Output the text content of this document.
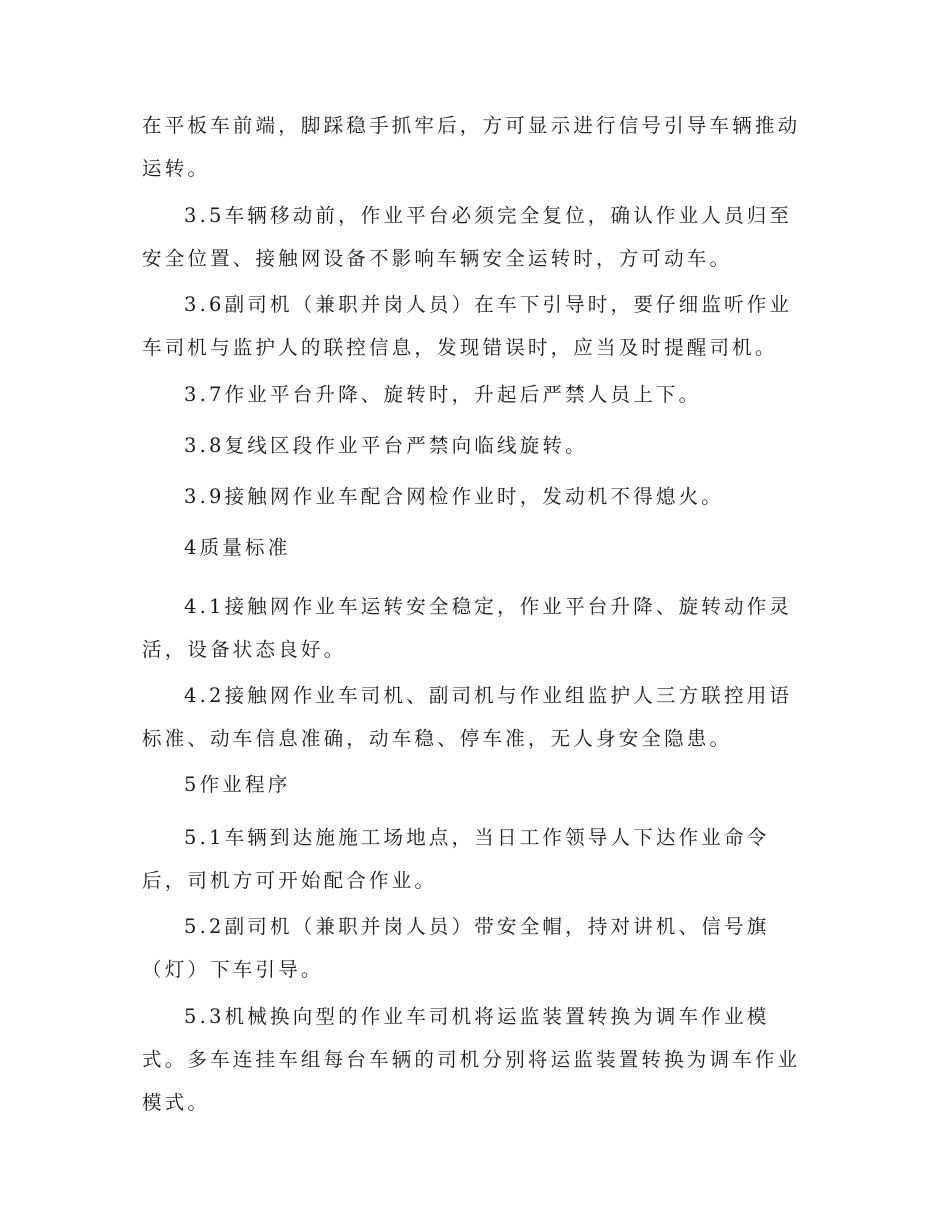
在平板车前端，脚踩稳手抓牢后，方可显示进行信号引导车辆推动运转。

3.5车辆移动前，作业平台必须完全复位，确认作业人员归至安全位置、接触网设备不影响车辆安全运转时，方可动车。

3.6副司机（兼职并岗人员）在车下引导时，要仔细监听作业车司机与监护人的联控信息，发现错误时，应当及时提醒司机。

3.7作业平台升降、旋转时，升起后严禁人员上下。

3.8复线区段作业平台严禁向临线旋转。

3.9接触网作业车配合网检作业时，发动机不得熄火。

4质量标准

4.1接触网作业车运转安全稳定，作业平台升降、旋转动作灵活，设备状态良好。

4.2接触网作业车司机、副司机与作业组监护人三方联控用语标准、动车信息准确，动车稳、停车准，无人身安全隐患。

5作业程序

5.1车辆到达施施工场地点，当日工作领导人下达作业命令后，司机方可开始配合作业。

5.2副司机（兼职并岗人员）带安全帽，持对讲机、信号旗（灯）下车引导。

5.3机械换向型的作业车司机将运监装置转换为调车作业模式。多车连挂车组每台车辆的司机分别将运监装置转换为调车作业模式。
